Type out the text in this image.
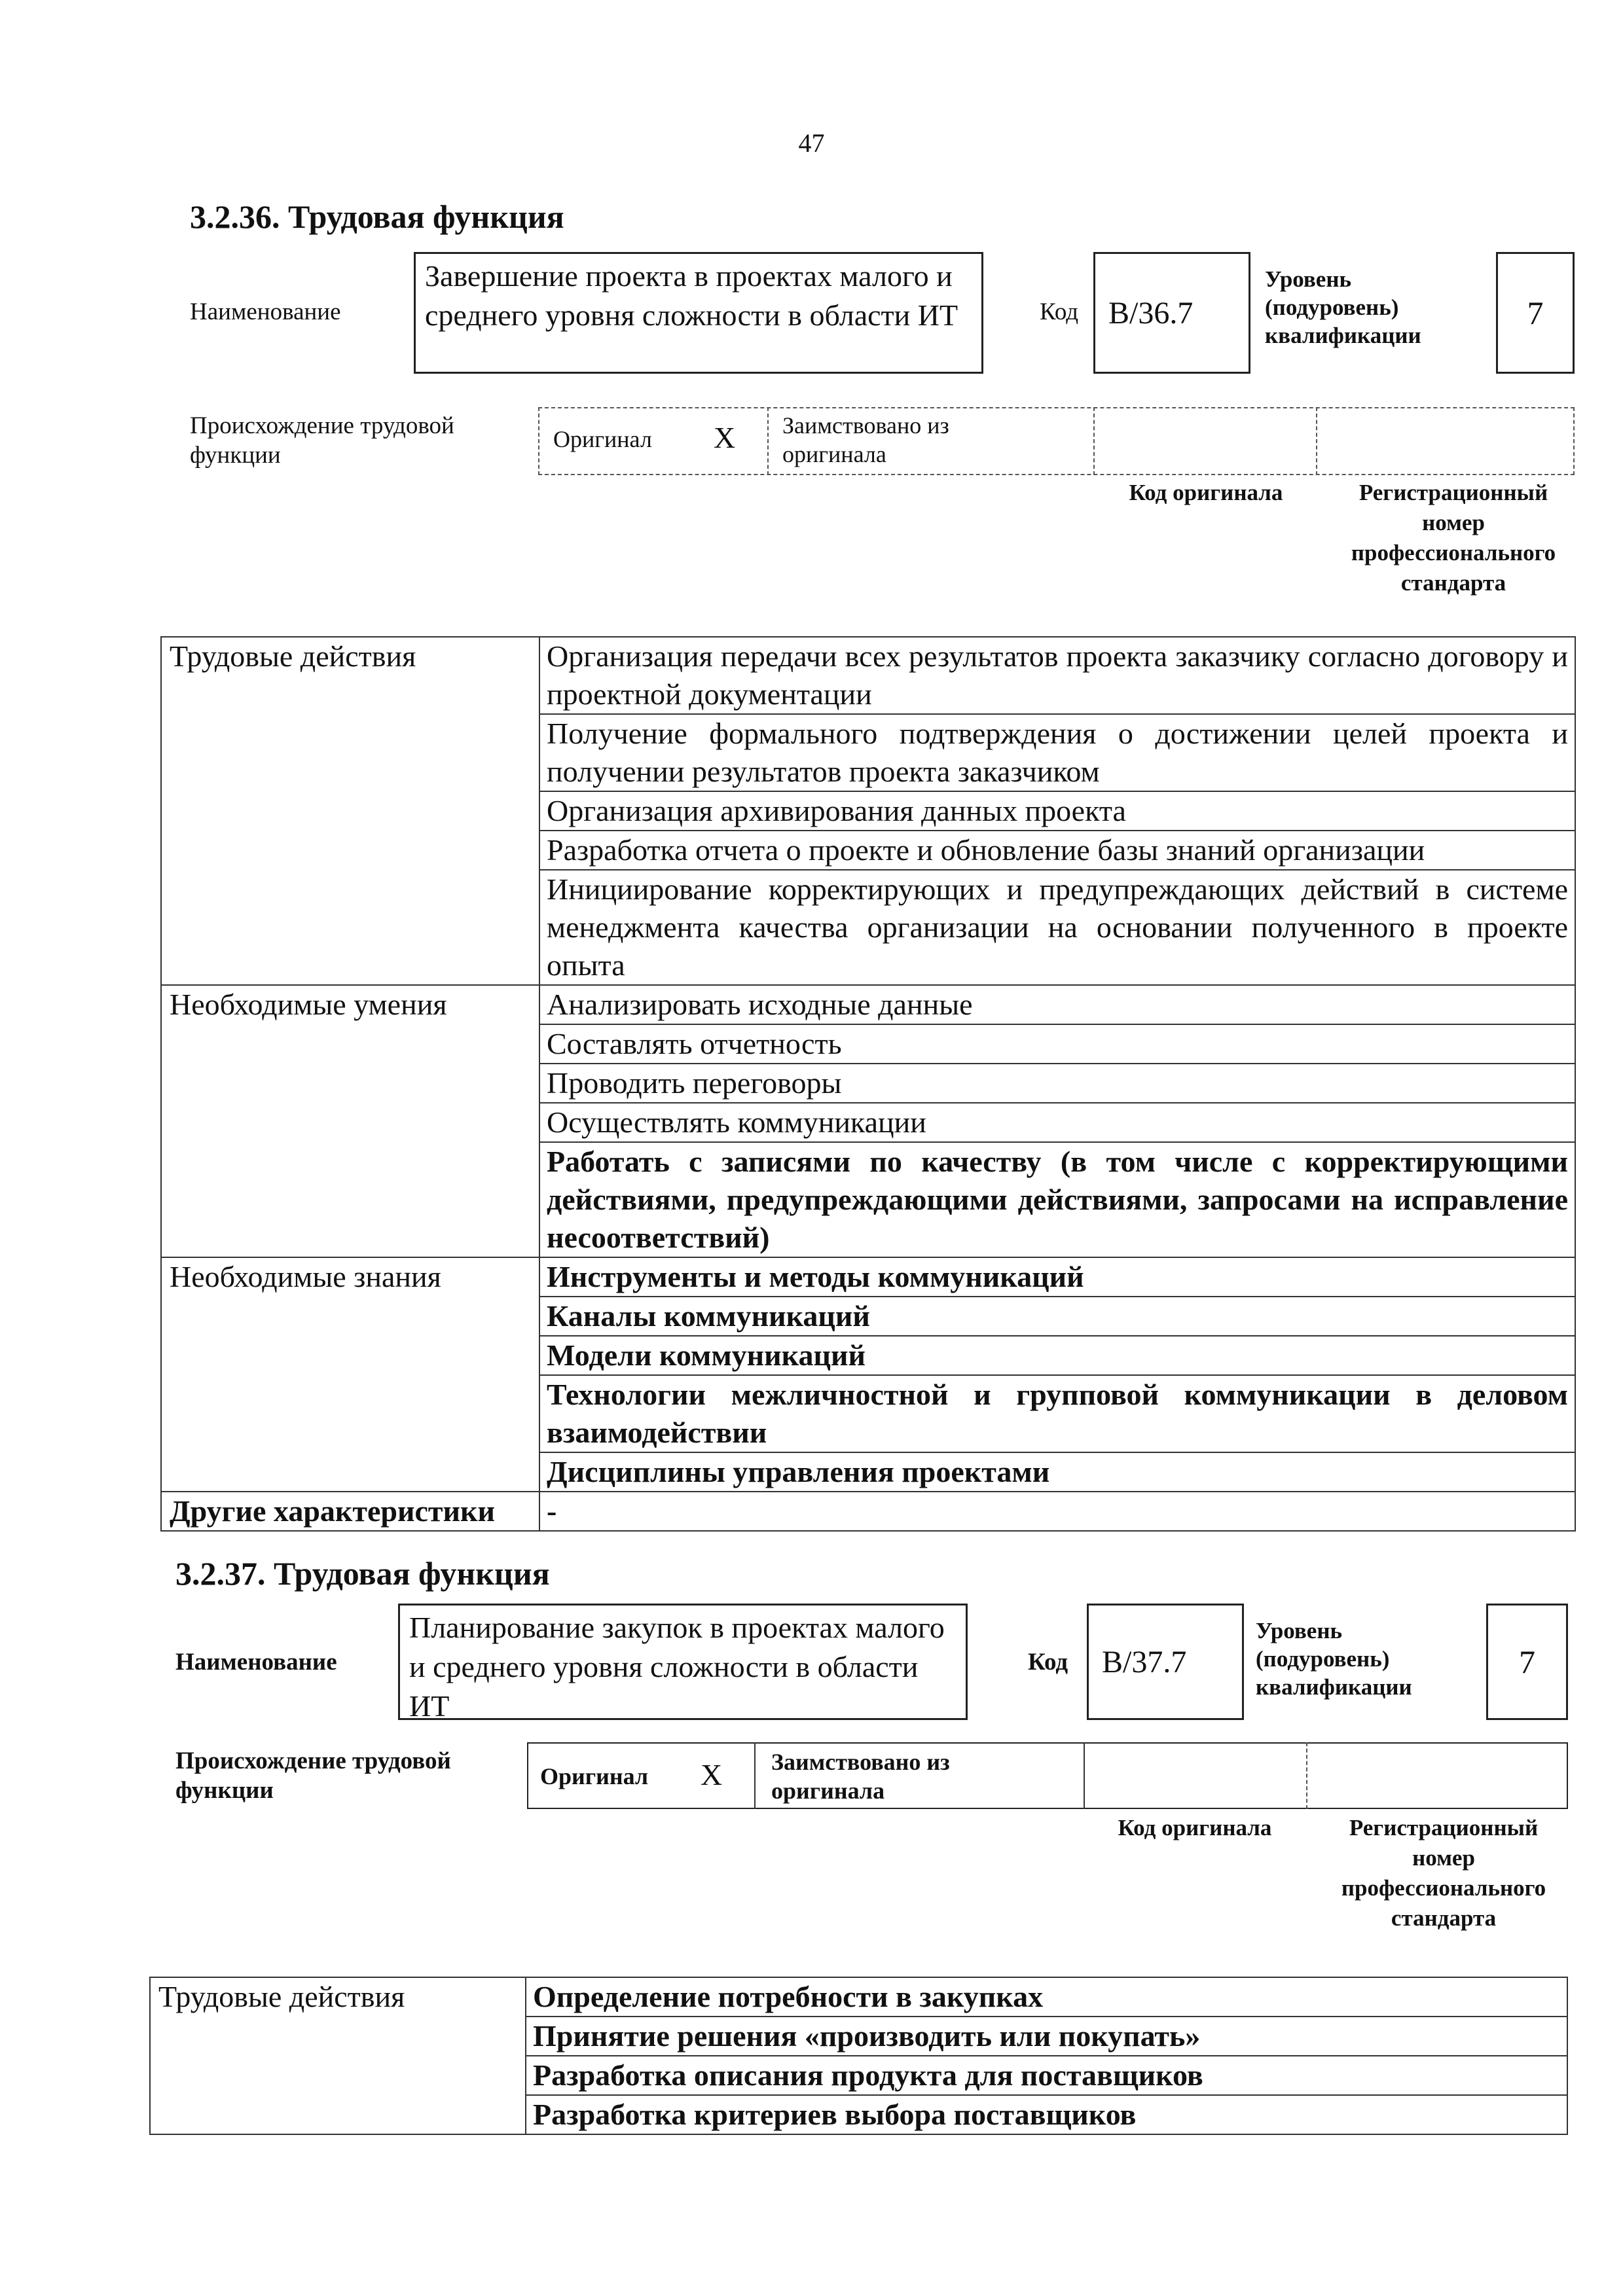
47
3.2.36. Трудовая функция
Наименование
Завершение проекта в проектах малого и среднего уровня сложности в области ИТ	Код B/36.7
Уровень (подуровень) квалификации
7
Происхождение трудовой функции
Оригинал X Заимствовано из оригинала
Код оригинала	Регистрационный номер профессионального стандарта
Трудовые действия	Организация передачи всех результатов проекта заказчику согласно договору и проектной документации
	Получение формального подтверждения о достижении целей проекта и получении результатов проекта заказчиком
	Организация архивирования данных проекта
	Разработка отчета о проекте и обновление базы знаний организации
	Инициирование корректирующих и предупреждающих действий в системе менеджмента качества организации на основании полученного в проекте опыта
Необходимые умения	Анализировать исходные данные
	Составлять отчетность
	Проводить переговоры
	Осуществлять коммуникации
	Работать с записями по качеству (в том числе с корректирующими действиями, предупреждающими действиями, запросами на исправление несоответствий)
Необходимые знания	Инструменты и методы коммуникаций
	Каналы коммуникаций
	Модели коммуникаций
	Технологии межличностной и групповой коммуникации в деловом взаимодействии
	Дисциплины управления проектами
Другие характеристики	-
3.2.37. Трудовая функция
Наименование
Планирование закупок в проектах малого и среднего уровня сложности в области ИТ
Код	B/37.7
Уровень (подуровень) квалификации
7
Происхождение трудовой функции
Оригинал X Заимствовано из оригинала
Код оригинала	Регистрационный номер профессионального стандарта
Трудовые действия	Определение потребности в закупках
Принятие решения «производить или покупать»
Разработка описания продукта для поставщиков
Разработка критериев выбора поставщиков
